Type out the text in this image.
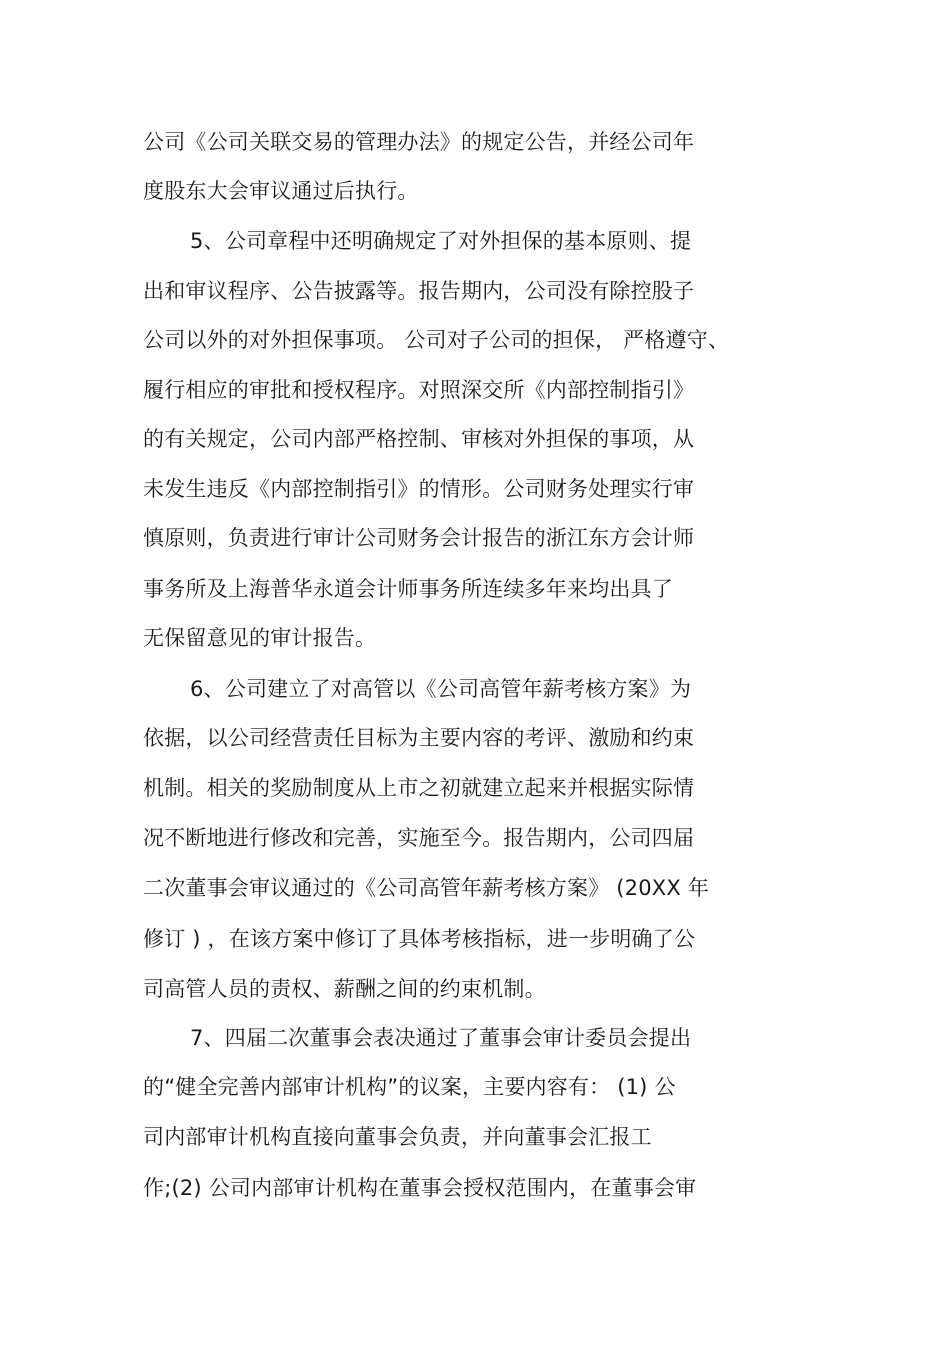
公司《公司关联交易的管理办法》的规定公告，并经公司年
度股东大会审议通过后执行。
5、公司章程中还明确规定了对外担保的基本原则、提
出和审议程序、公告披露等。报告期内，公司没有除控股子
公司以外的对外担保事项。 公司对子公司的担保， 严格遵守、
履行相应的审批和授权程序。对照深交所《内部控制指引》
的有关规定，公司内部严格控制、审核对外担保的事项，从
未发生违反《内部控制指引》的情形。公司财务处理实行审
慎原则，负责进行审计公司财务会计报告的浙江东方会计师
事务所及上海普华永道会计师事务所连续多年来均出具了
无保留意见的审计报告。
6、公司建立了对高管以《公司高管年薪考核方案》为
依据，以公司经营责任目标为主要内容的考评、激励和约束
机制。相关的奖励制度从上市之初就建立起来并根据实际情
况不断地进行修改和完善，实施至今。报告期内，公司四届
二次董事会审议通过的《公司高管年薪考核方案》 (20XX 年
修订 ) ，在该方案中修订了具体考核指标，进一步明确了公
司高管人员的责权、薪酬之间的约束机制。
7、四届二次董事会表决通过了董事会审计委员会提出
的“健全完善内部审计机构”的议案，主要内容有： (1) 公
司内部审计机构直接向董事会负责，并向董事会汇报工
作;(2) 公司内部审计机构在董事会授权范围内，在董事会审
